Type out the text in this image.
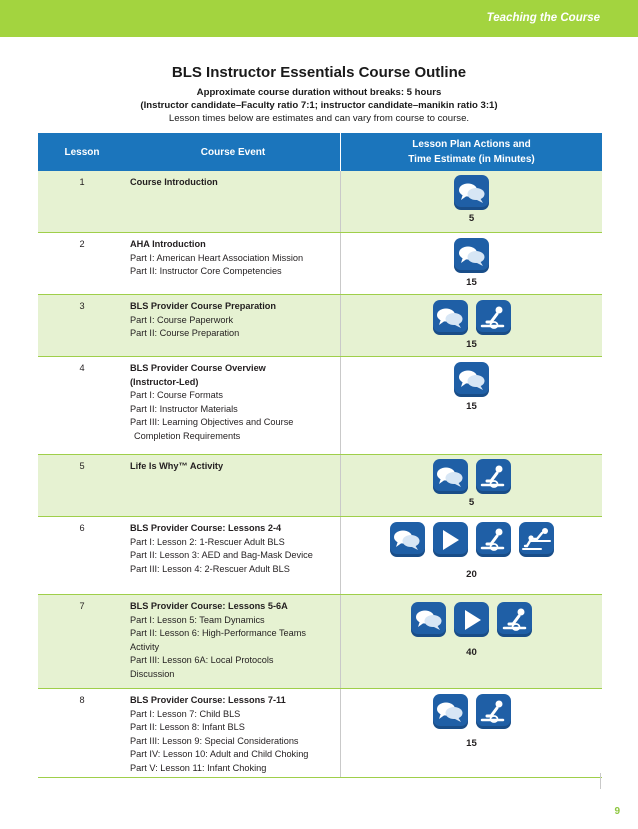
Teaching the Course
BLS Instructor Essentials Course Outline
Approximate course duration without breaks: 5 hours
(Instructor candidate–Faculty ratio 7:1; instructor candidate–manikin ratio 3:1)
Lesson times below are estimates and can vary from course to course.
Lesson	Course Event
Lesson Plan Actions and
Time Estimate (in Minutes)
1	Course Introduction
5
2	AHA Introduction
Part I: American Heart Association Mission
Part II: Instructor Core Competencies
15
3	BLS Provider Course Preparation
Part I: Course Paperwork
Part II: Course Preparation
15
4	BLS Provider Course Overview
(Instructor-Led)
Part I: Course Formats
Part II: Instructor Materials
Part III: Learning Objectives and Course
Completion Requirements
15
5	Life Is Why™ Activity
5
6	BLS Provider Course: Lessons 2-4
Part I: Lesson 2: 1-Rescuer Adult BLS
Part II: Lesson 3: AED and Bag-Mask Device
Part III: Lesson 4: 2-Rescuer Adult BLS
20
7	BLS Provider Course: Lessons 5-6A
Part I: Lesson 5: Team Dynamics
Part II: Lesson 6: High-Performance Teams
Activity
Part III: Lesson 6A: Local Protocols
Discussion
40
8	BLS Provider Course: Lessons 7-11
Part I: Lesson 7: Child BLS
Part II: Lesson 8: Infant BLS
Part III: Lesson 9: Special Considerations
Part IV: Lesson 10: Adult and Child Choking
Part V: Lesson 11: Infant Choking
15
9
